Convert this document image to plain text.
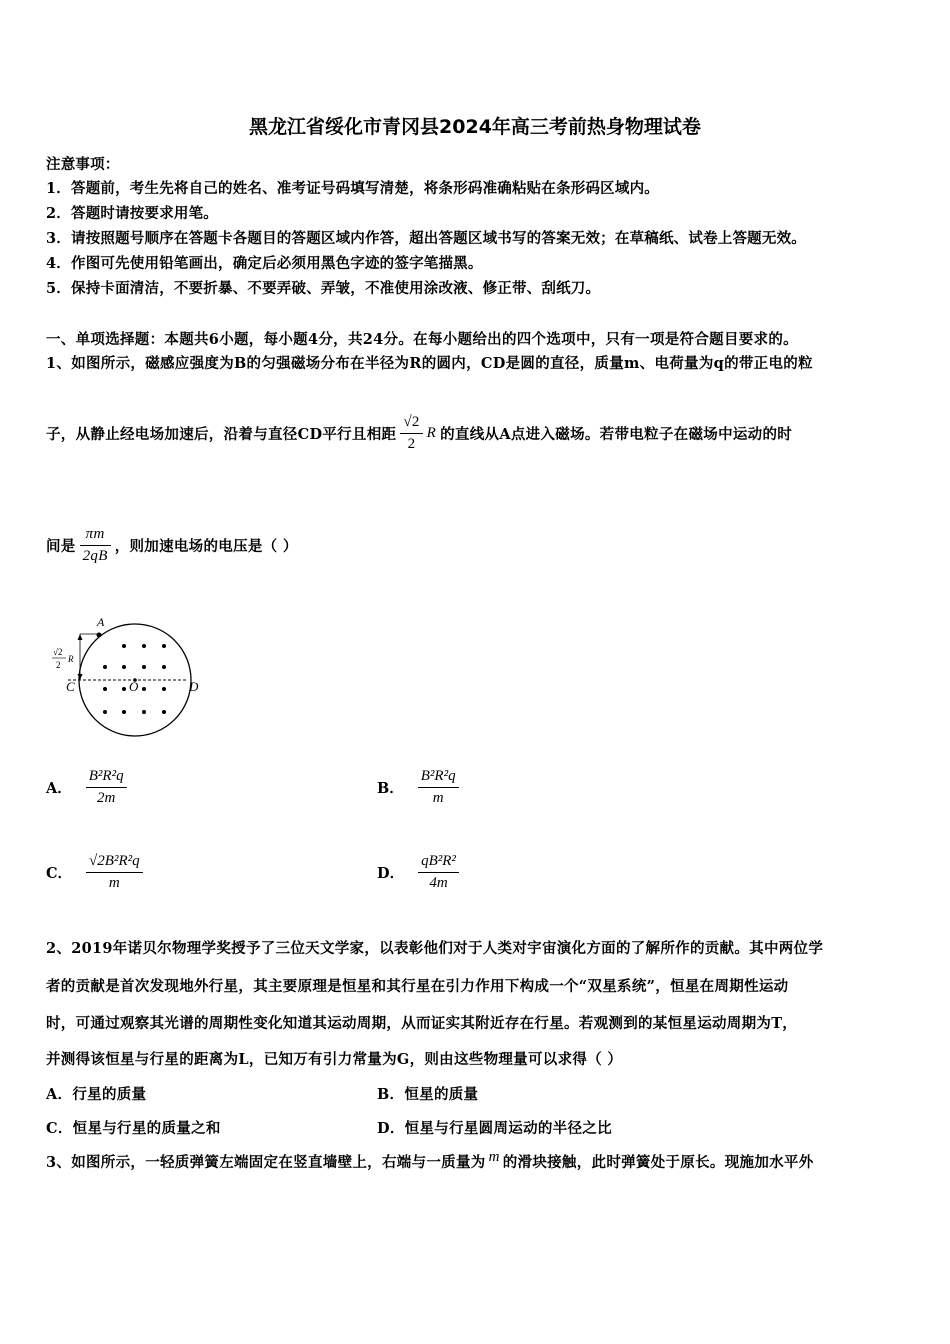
黑龙江省绥化市青冈县2024年高三考前热身物理试卷
注意事项：
1．答题前，考生先将自己的姓名、准考证号码填写清楚，将条形码准确粘贴在条形码区域内。
2．答题时请按要求用笔。
3．请按照题号顺序在答题卡各题目的答题区域内作答，超出答题区域书写的答案无效；在草稿纸、试卷上答题无效。
4．作图可先使用铅笔画出，确定后必须用黑色字迹的签字笔描黑。
5．保持卡面清洁，不要折暴、不要弄破、弄皱，不准使用涂改液、修正带、刮纸刀。
一、单项选择题：本题共6小题，每小题4分，共24分。在每小题给出的四个选项中，只有一项是符合题目要求的。
1、如图所示，磁感应强度为B的匀强磁场分布在半径为R的圆内，CD是圆的直径，质量m、电荷量为q的带正电的粒
子，从静止经电场加速后，沿着与直径CD平行且相距 $\frac{√2}{2}$ R 的直线从A点进入磁场。若带电粒子在磁场中运动的时
间是 $\frac{\pi m}{2qB}$ ，则加速电场的电压是（ ）
A
C	D
O
√2
2
R
A． $\frac{\text{B²R²q}}{2m}$	B． $\frac{\text{B²R²q}}{m}$
C． $\frac{\text{√2B²R²q}}{m}$	D． $\frac{\text{qB²R²}}{4m}$
2、2019年诺贝尔物理学奖授予了三位天文学家，以表彰他们对于人类对宇宙演化方面的了解所作的贡献。其中两位学
者的贡献是首次发现地外行星，其主要原理是恒星和其行星在引力作用下构成一个“双星系统”，恒星在周期性运动
时，可通过观察其光谱的周期性变化知道其运动周期，从而证实其附近存在行星。若观测到的某恒星运动周期为T，
并测得该恒星与行星的距离为L，已知万有引力常量为G，则由这些物理量可以求得（ ）
A．行星的质量	B．恒星的质量
C．恒星与行星的质量之和	D．恒星与行星圆周运动的半径之比
3、如图所示，一轻质弹簧左端固定在竖直墙壁上，右端与一质量为 m 的滑块接触，此时弹簧处于原长。现施加水平外
